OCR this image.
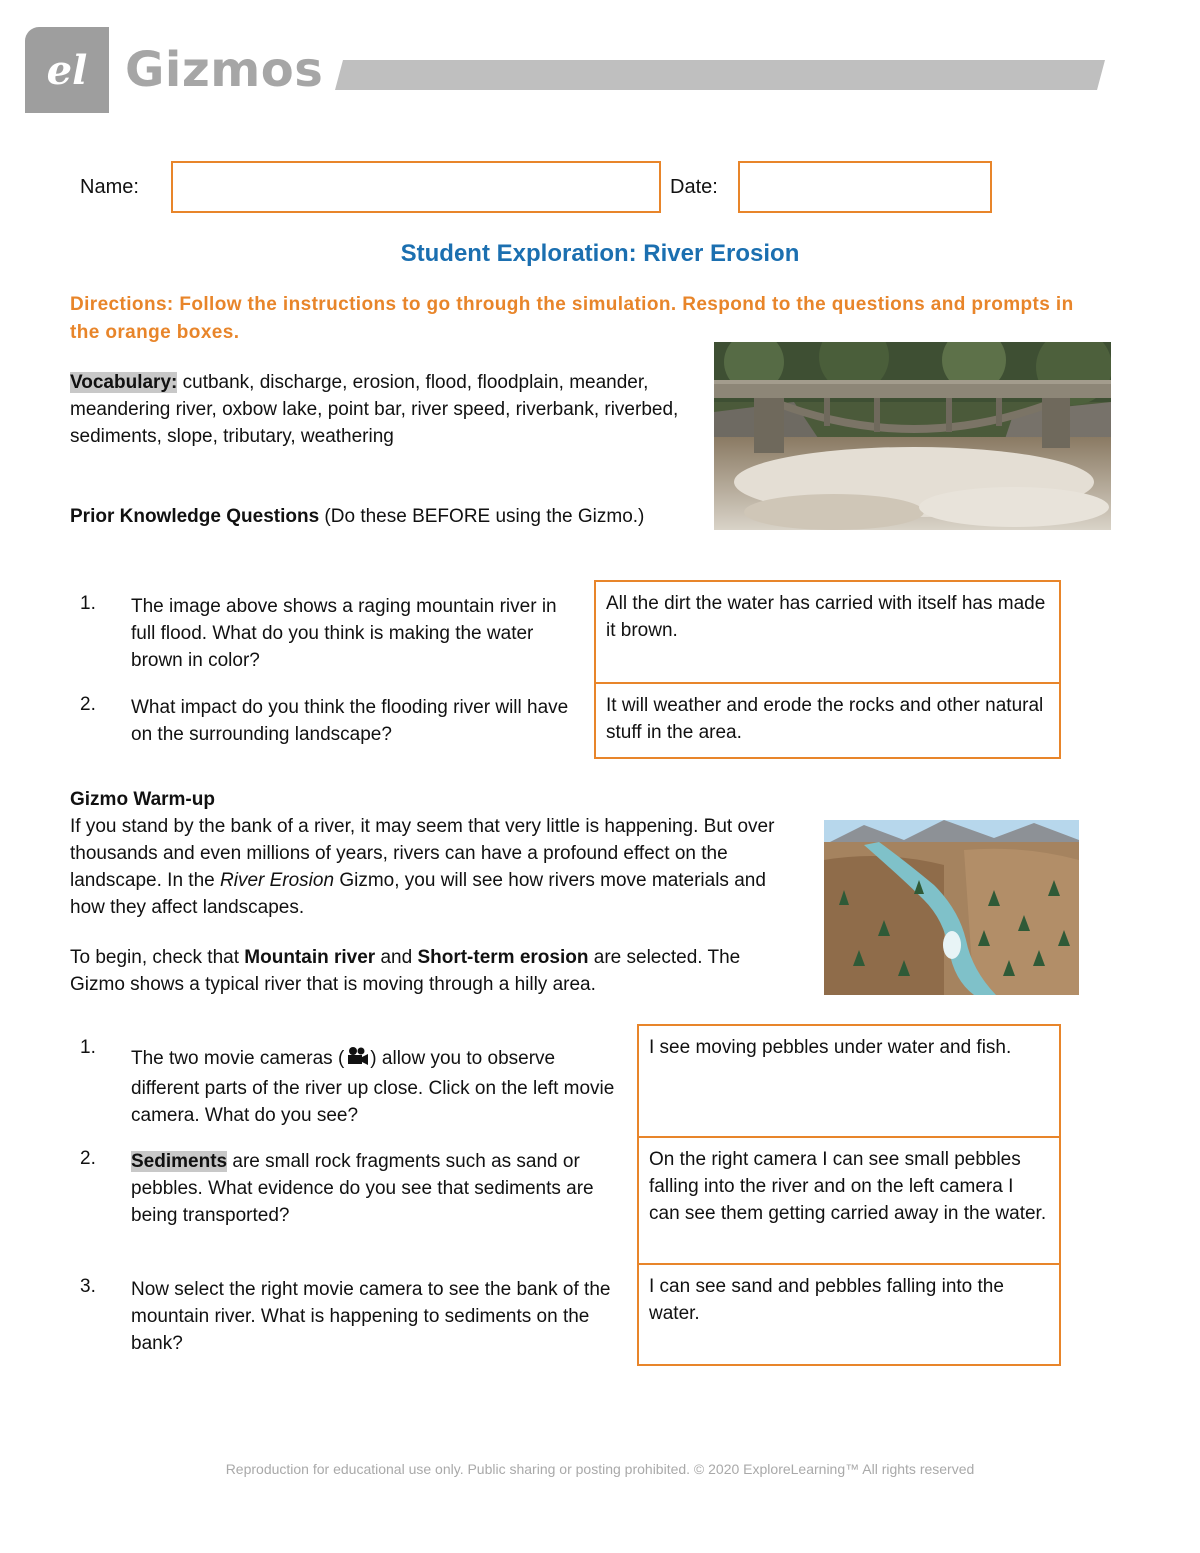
el Gizmos
Name:	Date:
Student Exploration: River Erosion
Directions: Follow the instructions to go through the simulation. Respond to the questions and prompts in the orange boxes.
Vocabulary: cutbank, discharge, erosion, flood, floodplain, meander, meandering river, oxbow lake, point bar, river speed, riverbank, riverbed, sediments, slope, tributary, weathering
Prior Knowledge Questions (Do these BEFORE using the Gizmo.)
1. The image above shows a raging mountain river in full flood. What do you think is making the water brown in color?
All the dirt the water has carried with itself has made it brown.
2. What impact do you think the flooding river will have on the surrounding landscape?
It will weather and erode the rocks and other natural stuff in the area.
Gizmo Warm-up
If you stand by the bank of a river, it may seem that very little is happening. But over thousands and even millions of years, rivers can have a profound effect on the landscape. In the River Erosion Gizmo, you will see how rivers move materials and how they affect landscapes.
To begin, check that Mountain river and Short-term erosion are selected. The Gizmo shows a typical river that is moving through a hilly area.
1.
The two movie cameras ( ) allow you to observe different parts of the river up close. Click on the left movie camera. What do you see?
I see moving pebbles under water and fish.
2. Sediments are small rock fragments such as sand or pebbles. What evidence do you see that sediments are being transported?
On the right camera I can see small pebbles falling into the river and on the left camera I can see them getting carried away in the water.
3. Now select the right movie camera to see the bank of the mountain river. What is happening to sediments on the bank?
I can see sand and pebbles falling into the water.
Reproduction for educational use only. Public sharing or posting prohibited. © 2020 ExploreLearning™ All rights reserved
